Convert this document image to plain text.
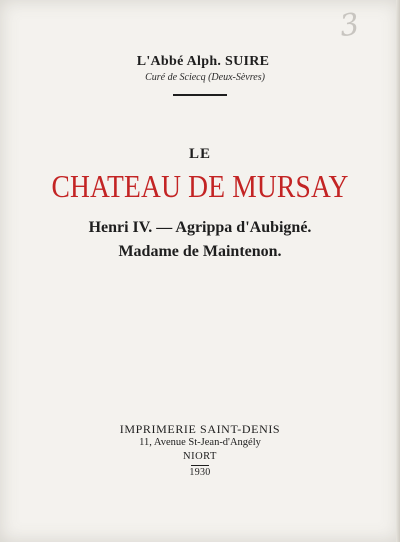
3
L'Abbé Alph. SUIRE
Curé de Sciecq (Deux-Sèvres)
LE
CHATEAU DE MURSAY
Henri IV. — Agrippa d'Aubigné.
Madame de Maintenon.
IMPRIMERIE SAINT-DENIS
11, Avenue St-Jean-d'Angély
NIORT
1930
